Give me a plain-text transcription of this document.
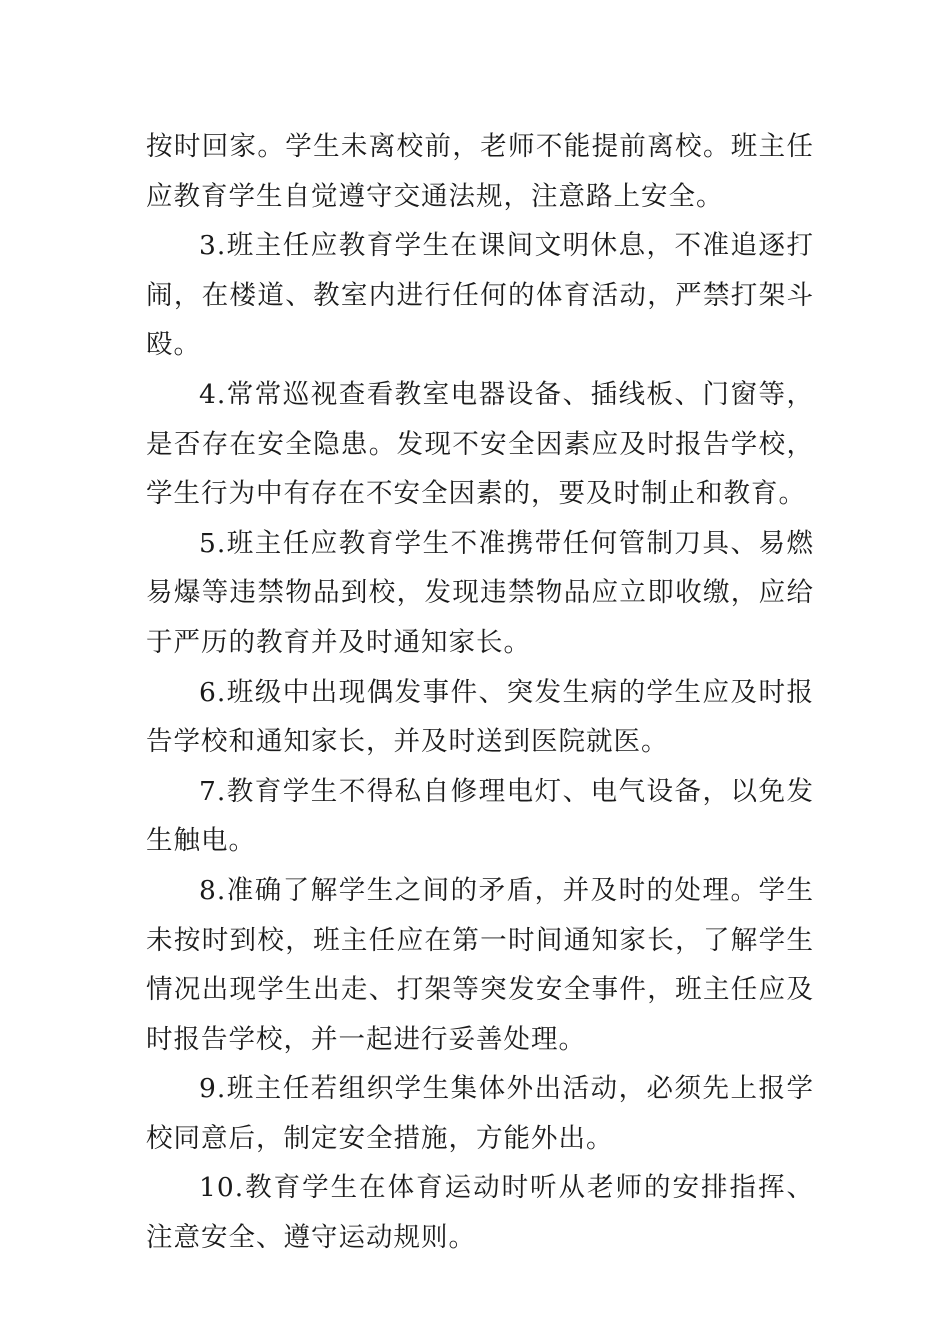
按时回家。学生未离校前，老师不能提前离校。班主任应教育学生自觉遵守交通法规，注意路上安全。

3.班主任应教育学生在课间文明休息，不准追逐打闹，在楼道、教室内进行任何的体育活动，严禁打架斗殴。

4.常常巡视查看教室电器设备、插线板、门窗等，是否存在安全隐患。发现不安全因素应及时报告学校，学生行为中有存在不安全因素的，要及时制止和教育。

5.班主任应教育学生不准携带任何管制刀具、易燃易爆等违禁物品到校，发现违禁物品应立即收缴，应给于严历的教育并及时通知家长。

6.班级中出现偶发事件、突发生病的学生应及时报告学校和通知家长，并及时送到医院就医。

7.教育学生不得私自修理电灯、电气设备，以免发生触电。

8.准确了解学生之间的矛盾，并及时的处理。学生未按时到校，班主任应在第一时间通知家长，了解学生情况出现学生出走、打架等突发安全事件，班主任应及时报告学校，并一起进行妥善处理。

9.班主任若组织学生集体外出活动，必须先上报学校同意后，制定安全措施，方能外出。

10.教育学生在体育运动时听从老师的安排指挥、注意安全、遵守运动规则。
